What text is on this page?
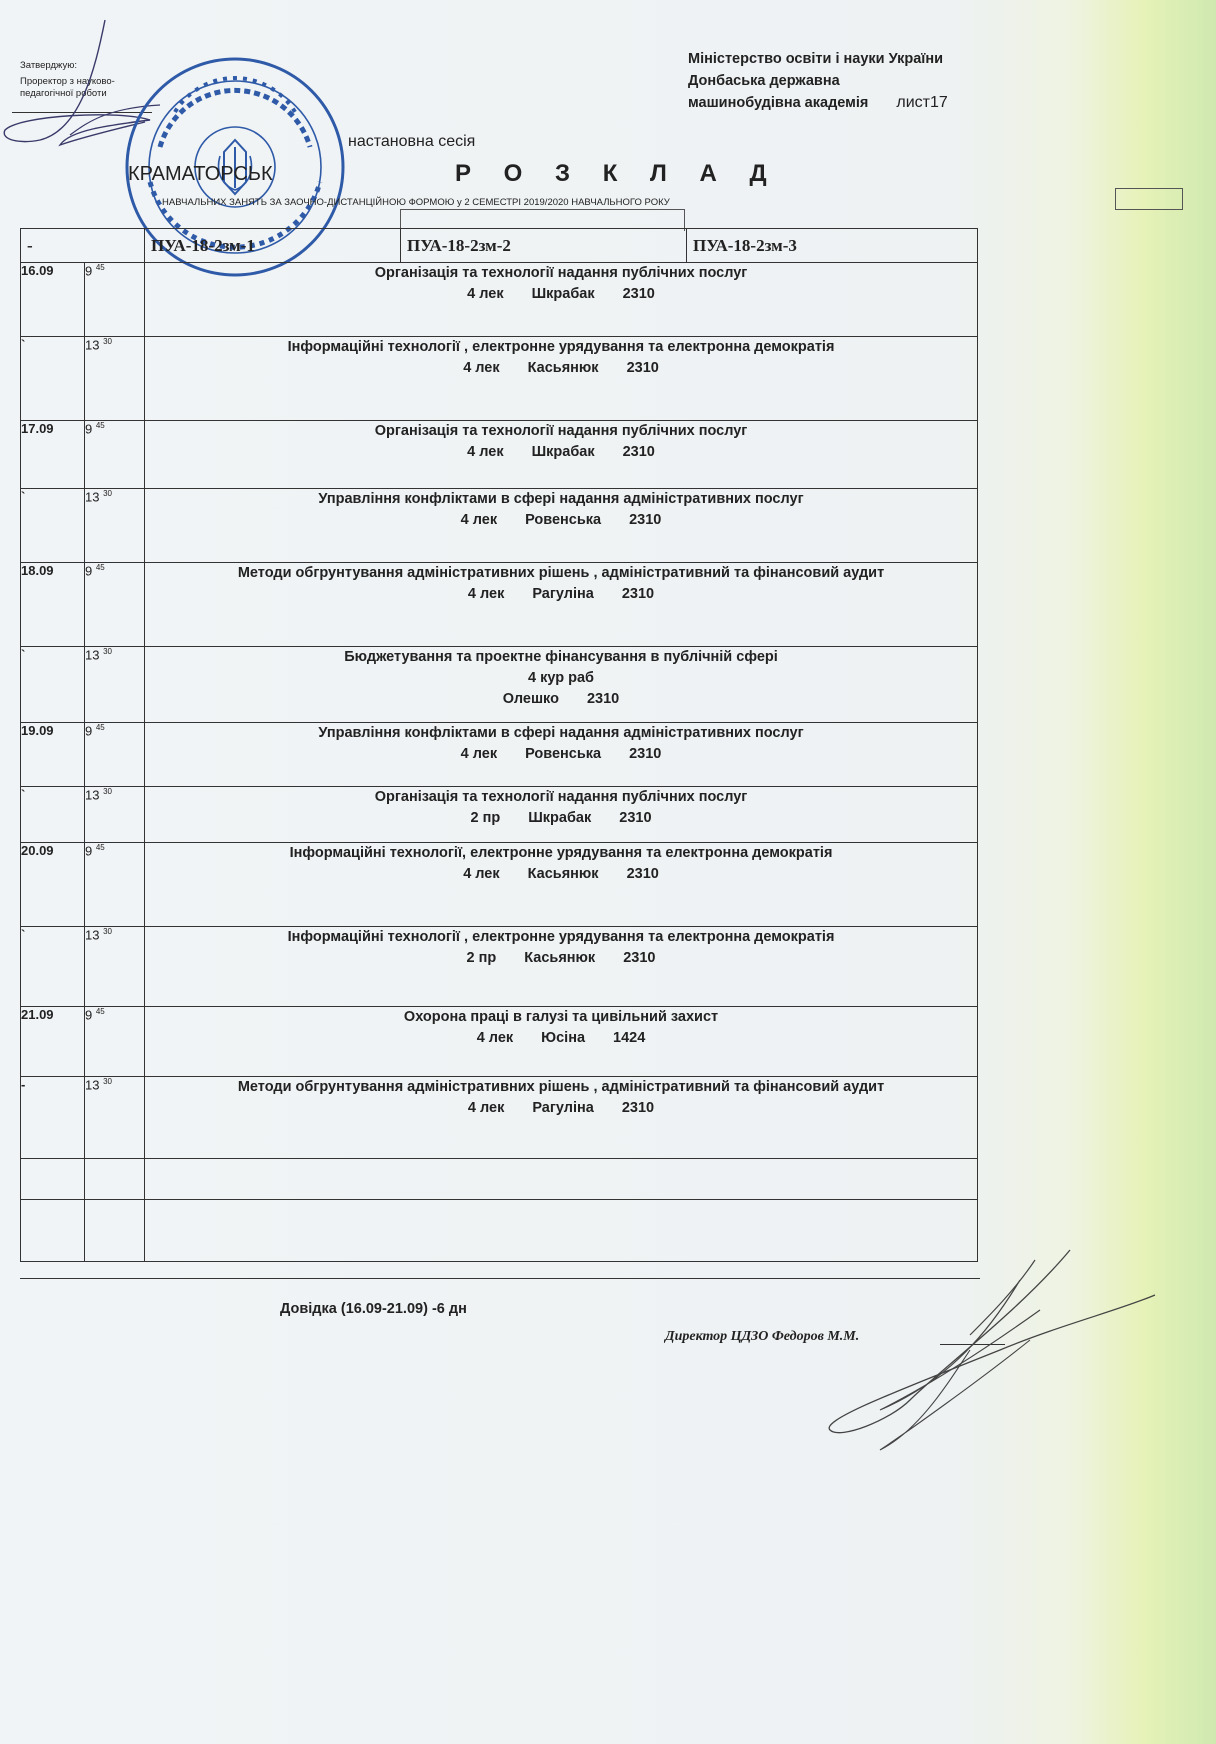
Затверджую:
Проректор з науково-
педагогічної роботи
Міністерство освіти і науки України
Донбаська державна
машинобудівна академія лист17
настановна сесія
КРАМАТОРСЬК	Р О З К Л А Д
НАВЧАЛЬНИХ ЗАНЯТЬ ЗА ЗАОЧНО-ДИСТАНЦІЙНОЮ ФОРМОЮ у 2 СЕМЕСТРІ 2019/2020 НАВЧАЛЬНОГО РОКУ
-		ПУА-18-2зм-1	ПУА-18-2зм-2	ПУА-18-2зм-3
16.09	9 $^{45}$	Організація та технології надання публічних послуг
4 лек Шкрабак 2310		

`	13 $^{30}$	Інформаційні технології , електронне урядування та електронна демократія
4 лек Касьянюк 2310		

17.09	9 $^{45}$	Організація та технології надання публічних послуг
4 лек Шкрабак 2310		

`	13 $^{30}$	Управління конфліктами в сфері надання адміністративних послуг
4 лек Ровенська 2310		

18.09	9 $^{45}$	Методи обгрунтування адміністративних рішень , адміністративний та фінансовий аудит
4 лек Рагуліна 2310		

`	13 $^{30}$	Бюджетування та проектне фінансування в публічній сфері
4 кур раб
Олешко 2310		

19.09	9 $^{45}$	Управління конфліктами в сфері надання адміністративних послуг
4 лек Ровенська 2310		

`	13 $^{30}$	Організація та технології надання публічних послуг
2 пр Шкрабак 2310		

20.09	9 $^{45}$	Інформаційні технології, електронне урядування та електронна демократія
4 лек Касьянюк 2310		

`	13 $^{30}$	Інформаційні технології , електронне урядування та електронна демократія
2 пр Касьянюк 2310		

21.09	9 $^{45}$	Охорона праці в галузі та цивільний захист
4 лек Юсіна 1424		

-	13 $^{30}$	Методи обгрунтування адміністративних рішень , адміністративний та фінансовий аудит
4 лек Рагуліна 2310		

Довідка (16.09-21.09) -6 дн
Директор ЦДЗО Федоров М.М.
